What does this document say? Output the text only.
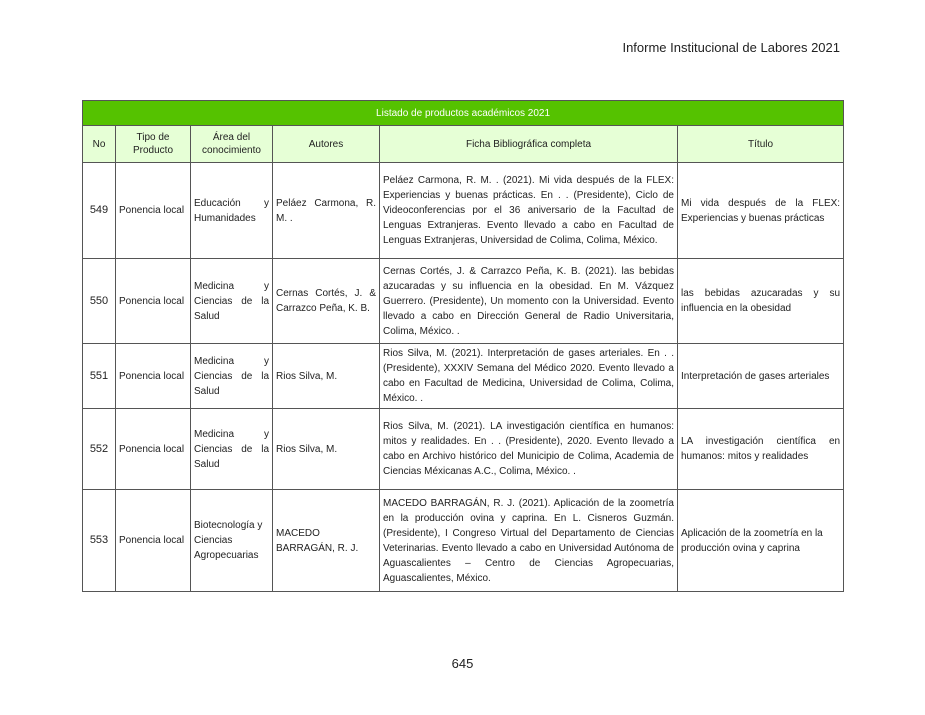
Informe Institucional de Labores 2021
Listado de productos académicos 2021					
No	Tipo de Producto	Área del conocimiento	Autores	Ficha Bibliográfica completa	Título
549	Ponencia local	Educación y Humanidades	Peláez Carmona, R. M. .	Peláez Carmona, R. M. . (2021). Mi vida después de la FLEX: Experiencias y buenas prácticas. En . . (Presidente), Ciclo de Videoconferencias por el 36 aniversario de la Facultad de Lenguas Extranjeras. Evento llevado a cabo en Facultad de Lenguas Extranjeras, Universidad de Colima, Colima, México.	Mi vida después de la FLEX: Experiencias y buenas prácticas
550	Ponencia local	Medicina y Ciencias de la Salud	Cernas Cortés, J. & Carrazco Peña, K. B.	Cernas Cortés, J. & Carrazco Peña, K. B. (2021). las bebidas azucaradas y su influencia en la obesidad. En M. Vázquez Guerrero. (Presidente), Un momento con la Universidad. Evento llevado a cabo en Dirección General de Radio Universitaria, Colima, México. .	las bebidas azucaradas y su influencia en la obesidad
551	Ponencia local	Medicina y Ciencias de la Salud	Rios Silva, M.	Rios Silva, M. (2021). Interpretación de gases arteriales. En . . (Presidente), XXXIV Semana del Médico 2020. Evento llevado a cabo en Facultad de Medicina, Universidad de Colima, Colima, México. .	Interpretación de gases arteriales
552	Ponencia local	Medicina y Ciencias de la Salud	Rios Silva, M.	Rios Silva, M. (2021). LA investigación científica en humanos: mitos y realidades. En . . (Presidente), 2020. Evento llevado a cabo en Archivo histórico del Municipio de Colima, Academia de Ciencias Méxicanas A.C., Colima, México. .	LA investigación científica en humanos: mitos y realidades
553	Ponencia local	Biotecnología y Ciencias Agropecuarias	MACEDO BARRAGÁN, R. J.	MACEDO BARRAGÁN, R. J. (2021). Aplicación de la zoometría en la producción ovina y caprina. En L. Cisneros Guzmán. (Presidente), I Congreso Virtual del Departamento de Ciencias Veterinarias. Evento llevado a cabo en Universidad Autónoma de Aguascalientes – Centro de Ciencias Agropecuarias, Aguascalientes, México.	Aplicación de la zoometría en la producción ovina y caprina
645
